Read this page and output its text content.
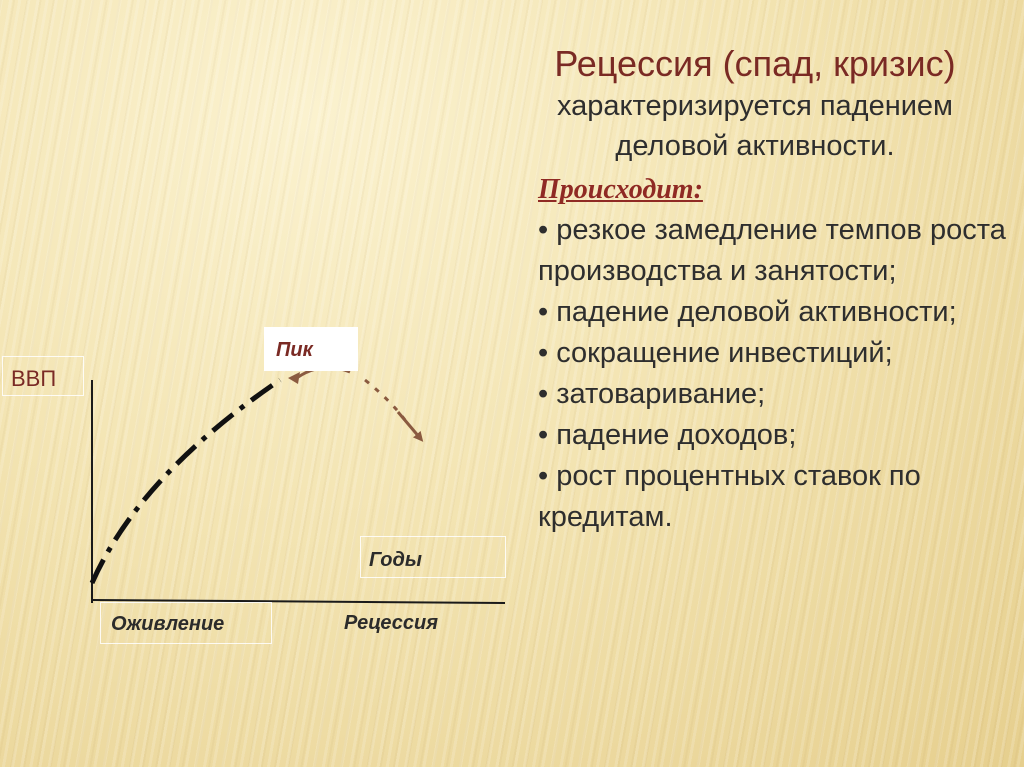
Рецессия (спад, кризис)
характеризируется падением деловой активности.
Происходит:
• резкое замедление темпов роста производства и занятости;
• падение деловой активности;
• сокращение инвестиций;
• затоваривание;
• падение доходов;
• рост процентных ставок по кредитам.
ВВП
Пик
Годы
Оживление	Рецессия
